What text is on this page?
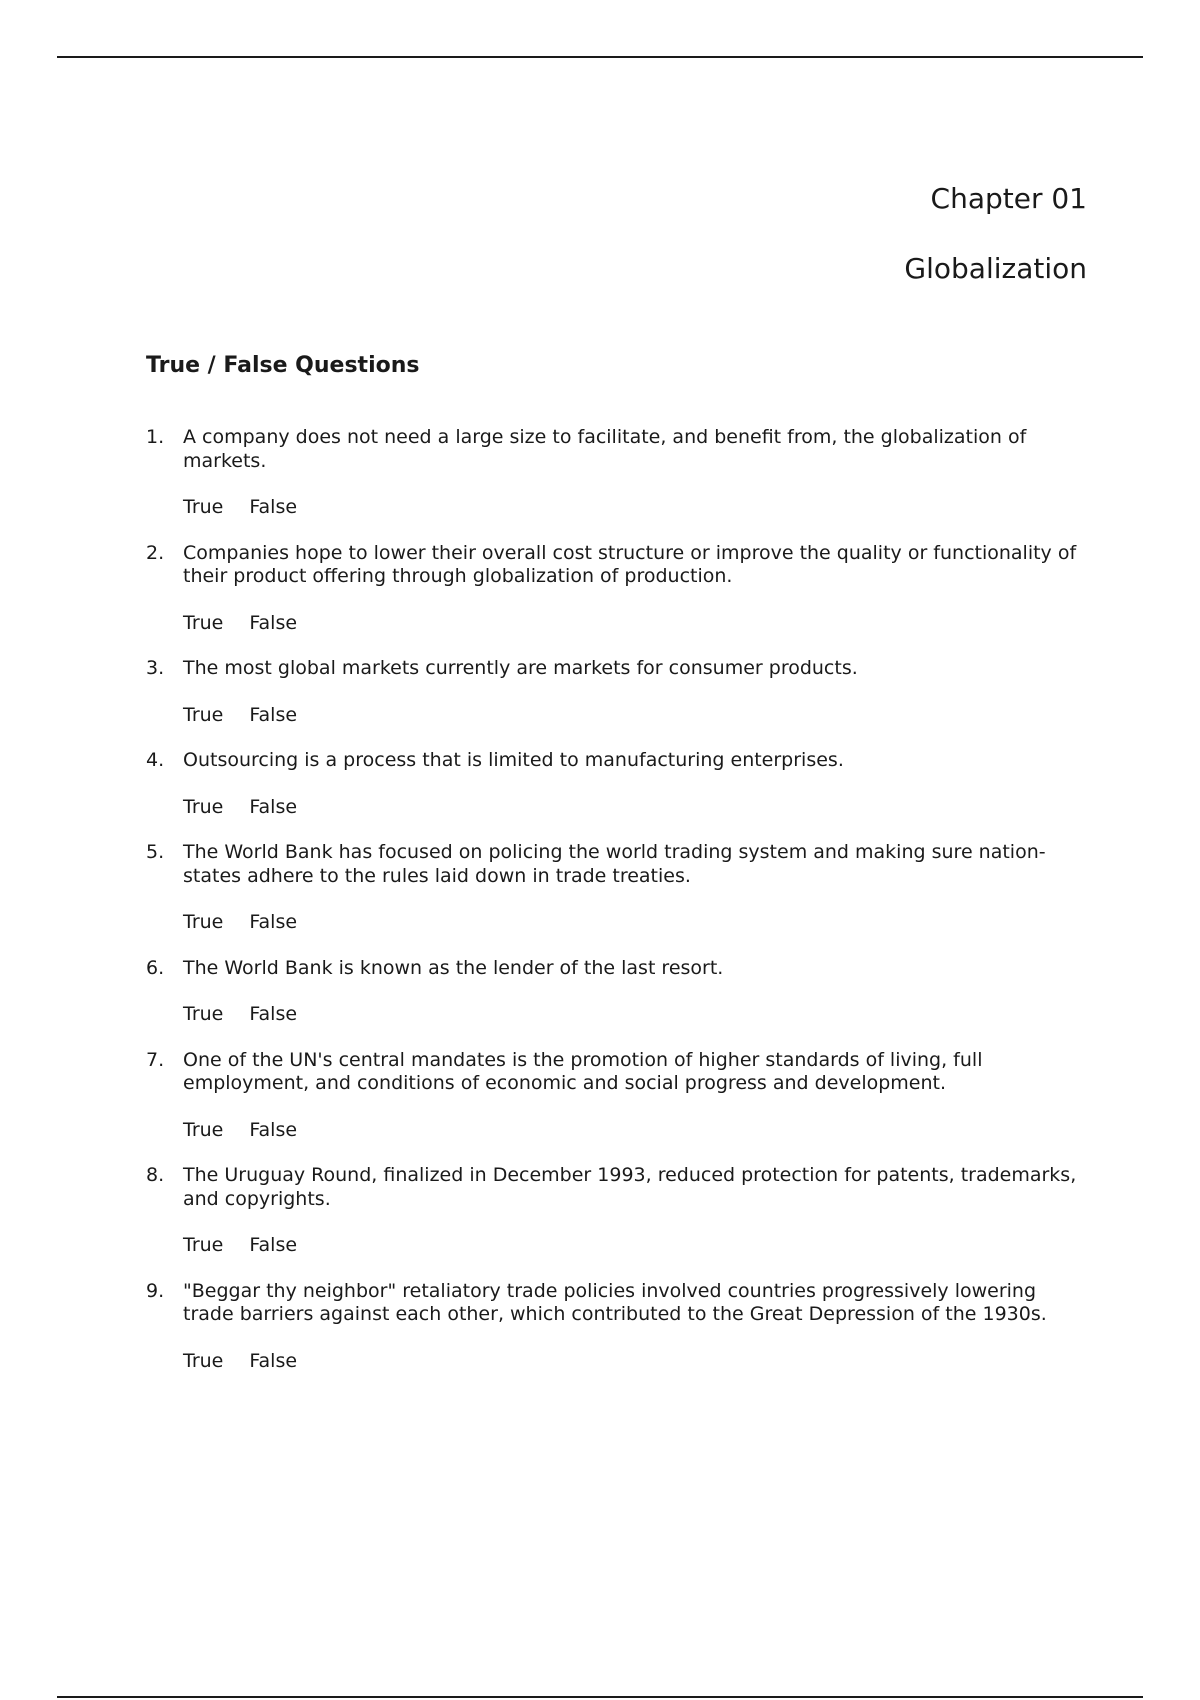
Chapter 01
Globalization
True / False Questions
1. A company does not need a large size to facilitate, and benefit from, the globalization of markets.
True False
2. Companies hope to lower their overall cost structure or improve the quality or functionality of their product offering through globalization of production.
True False
3. The most global markets currently are markets for consumer products.
True False
4. Outsourcing is a process that is limited to manufacturing enterprises.
True False
5. The World Bank has focused on policing the world trading system and making sure nation-states adhere to the rules laid down in trade treaties.
True False
6. The World Bank is known as the lender of the last resort.
True False
7. One of the UN's central mandates is the promotion of higher standards of living, full employment, and conditions of economic and social progress and development.
True False
8. The Uruguay Round, finalized in December 1993, reduced protection for patents, trademarks, and copyrights.
True False
9. "Beggar thy neighbor" retaliatory trade policies involved countries progressively lowering trade barriers against each other, which contributed to the Great Depression of the 1930s.
True False
